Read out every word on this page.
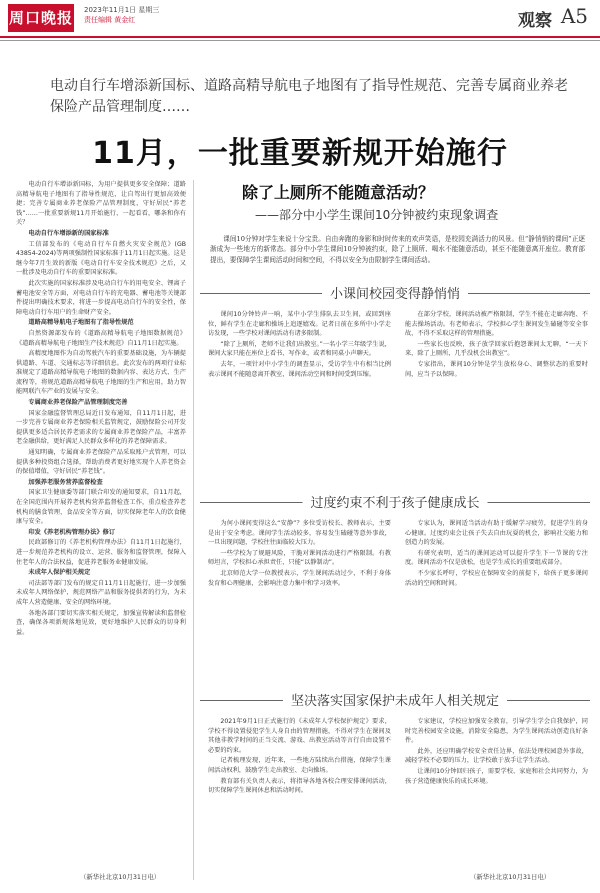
周口晚报 2023年11月1日 星期三
责任编辑 黄金红	观察 A5
电动自行车增添新国标、道路高精导航电子地图有了指导性规范、完善专属商业养老保险产品管理制度……
11月，一批重要新规开始施行

电动自行车增添新国标，为用户提供更多安全保障；道路高精导航电子地图有了指导性规范，让自驾出行更加高效便捷；完善专属商业养老保险产品管理制度，守好居民“养老钱”……一批重要新规11月开始施行，一起看看，哪条和你有关？

电动自行车增添新的国家标准

工信部发布的《电动自行车自燃火灾安全规范》(GB 43854-2024)等两项强制性国家标准于11月1日起实施。这是继今年7月生效的新版《电动自行车安全技术规范》之后，又一批涉及电动自行车的重要国家标准。

此次实施的国家标准涉及电动自行车的用电安全、锂离子蓄电池安全等方面，对电动自行车的充电器、蓄电池等关键部件提出明确技术要求，将进一步提高电动自行车的安全性，保障电动自行车用户的生命财产安全。

道路高精导航电子地图有了指导性规范

自然资源部发布的《道路高精导航电子地图数据规范》《道路高精导航电子地图生产技术规范》自11月1日起实施。

高精度地图作为自动驾驶汽车的重要基础设施，为车辆提供道路、车道、交通标志等详细信息。此次发布的两项行业标准规定了道路高精导航电子地图的数据内容、表达方式、生产流程等，将规范道路高精导航电子地图的生产和应用，助力智能网联汽车产业的发展与安全。

专属商业养老保险产品管理制度完善

国家金融监督管理总局近日发布通知，自11月1日起，进一步完善专属商业养老保险相关监管规定，鼓励保险公司开发提供更多适合居民养老需求的专属商业养老保险产品，丰富养老金融供给，更好满足人民群众多样化的养老保障需求。

通知明确，专属商业养老保险产品采取账户式管理，可以提供多种投资组合选择，帮助消费者更好地实现个人养老资金的保值增值，守好居民“养老钱”。

加强养老服务营养监督检查

国家卫生健康委等部门联合印发的通知要求，自11月起，在全国范围内开展养老机构营养监督检查工作，重点检查养老机构的膳食管理、食品安全等方面，切实保障老年人的饮食健康与安全。

印发《养老机构管理办法》修订

民政部修订的《养老机构管理办法》自11月1日起施行，进一步规范养老机构的设立、运营、服务和监督管理，保障入住老年人的合法权益，促进养老服务业健康发展。

未成年人保护相关规定

司法部等部门发布的规定自11月1日起施行，进一步加强未成年人网络保护，规范网络产品和服务提供者的行为，为未成年人营造健康、安全的网络环境。

各地各部门要切实落实相关规定，加强宣传解读和监督检查，确保各项新规落地见效，更好地维护人民群众的切身利益。

（新华社北京10月31日电）
除了上厕所不能随意活动？
——部分中小学生课间10分钟被约束现象调查
课间10分钟对学生来说十分宝贵。自由奔跑的身影和时时传来的欢声笑语，是校园充满活力的风景。但“静悄悄的课间”正逐渐成为一些地方的新常态。部分中小学生课间10分钟被约束，除了上厕所、喝水不能随意活动，甚至不能随意离开座位。教育部提出，要保障学生课间活动时间和空间，不得以安全为由限制学生课间活动。
小课间校园变得静悄悄

课间10分钟铃声一响，某中小学生排队去卫生间，或回到座位，鲜有学生在走廊和操场上追逐嬉戏。记者日前在多所中小学走访发现，一些学校对课间活动有诸多限制。

“除了上厕所，老师不让我们出教室。”一名小学三年级学生说，课间大家只能在座位上看书、写作业，或者和同桌小声聊天。

去年，一项针对中小学生的调查显示，受访学生中有相当比例表示课间不能随意离开教室，课间活动空间和时间受到压缩。

在部分学校，课间活动被严格限制，学生不能在走廊奔跑、不能去操场活动。有老师表示，学校担心学生课间发生磕碰等安全事故，不得不采取这样的管理措施。

一些家长也反映，孩子放学回家后抱怨课间太无聊，“一天下来，除了上厕所，几乎没机会出教室”。

专家指出，课间10分钟是学生放松身心、调整状态的重要时间，应当予以保障。

过度约束不利于孩子健康成长

为何小课间变得这么“安静”？多位受访校长、教师表示，主要是出于安全考虑。课间学生活动较多，容易发生磕碰等意外事故，一旦出现问题，学校往往面临较大压力。

一些学校为了规避风险，干脆对课间活动进行严格限制。有教师坦言，学校担心承担责任，只能“以静制动”。

北京师范大学一位教授表示，学生课间活动过少，不利于身体发育和心理健康，会影响注意力集中和学习效率。

专家认为，课间适当活动有助于缓解学习疲劳，促进学生的身心健康。过度约束会让孩子失去自由玩耍的机会，影响社交能力和创造力的发展。

有研究表明，适当的课间运动可以提升学生下一节课的专注度。课间活动不仅是放松，也是学生成长的重要组成部分。

不少家长呼吁，学校应在保障安全的前提下，给孩子更多课间活动的空间和时间。

坚决落实国家保护未成年人相关规定

2021年9月1日正式施行的《未成年人学校保护规定》要求，学校不得设置侵犯学生人身自由的管理措施，不得对学生在课间及其他非教学时间的正当交流、游戏、出教室活动等言行自由设置不必要的约束。

记者梳理发现，近年来，一些地方陆续出台措施，保障学生课间活动权利，鼓励学生走出教室、走向操场。

教育部有关负责人表示，将指导各地各校合理安排课间活动，切实保障学生课间休息和活动时间。

专家建议，学校应加强安全教育，引导学生学会自我保护，同时完善校园安全设施，消除安全隐患，为学生课间活动创造良好条件。

此外，还应明确学校安全责任边界，依法处理校园意外事故，减轻学校不必要的压力，让学校敢于放手让学生活动。

让课间10分钟回归孩子，需要学校、家庭和社会共同努力，为孩子营造健康快乐的成长环境。

（新华社北京10月31日电）
